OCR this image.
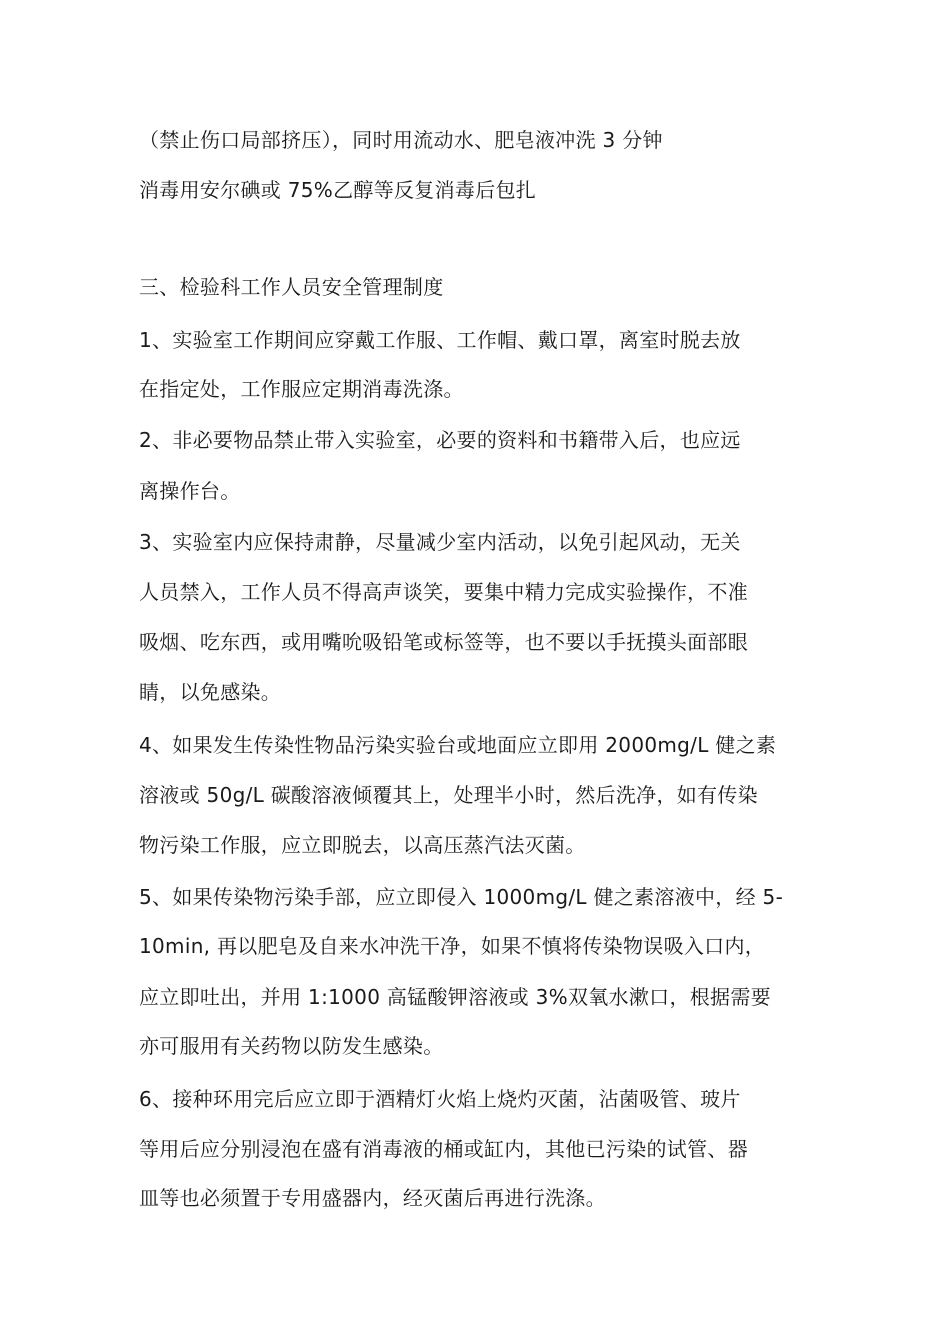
（禁止伤口局部挤压），同时用流动水、肥皂液冲洗 3 分钟
消毒用安尔碘或 75%乙醇等反复消毒后包扎
三、检验科工作人员安全管理制度
1、实验室工作期间应穿戴工作服、工作帽、戴口罩，离室时脱去放
在指定处，工作服应定期消毒洗涤。
2、非必要物品禁止带入实验室，必要的资料和书籍带入后，也应远
离操作台。
3、实验室内应保持肃静，尽量减少室内活动，以免引起风动，无关
人员禁入，工作人员不得高声谈笑，要集中精力完成实验操作，不准
吸烟、吃东西，或用嘴吮吸铅笔或标签等，也不要以手抚摸头面部眼
睛，以免感染。
4、如果发生传染性物品污染实验台或地面应立即用 2000mg/L 健之素
溶液或 50g/L 碳酸溶液倾覆其上，处理半小时，然后洗净，如有传染
物污染工作服，应立即脱去，以高压蒸汽法灭菌。
5、如果传染物污染手部，应立即侵入 1000mg/L 健之素溶液中，经 5-
10min, 再以肥皂及自来水冲洗干净，如果不慎将传染物误吸入口内，
应立即吐出，并用 1:1000 高锰酸钾溶液或 3%双氧水漱口，根据需要
亦可服用有关药物以防发生感染。
6、接种环用完后应立即于酒精灯火焰上烧灼灭菌，沾菌吸管、玻片
等用后应分别浸泡在盛有消毒液的桶或缸内，其他已污染的试管、器
皿等也必须置于专用盛器内，经灭菌后再进行洗涤。
